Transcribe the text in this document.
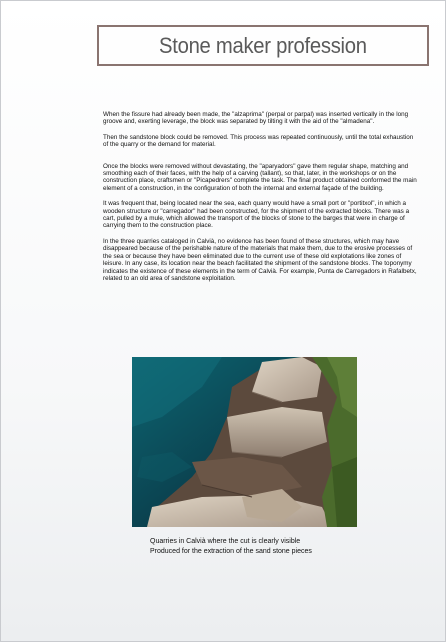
Stone maker profession

When the fissure had already been made, the "alzaprima" (perpal or parpal) was inserted vertically in the long groove and, exerting leverage, the block was separated by tilting it with the aid of the "almadena".

Then the sandstone block could be removed. This process was repeated continuously, until the total exhaustion of the quarry or the demand for material.

Once the blocks were removed without devastating, the "aparyadors" gave them regular shape, matching and smoothing each of their faces, with the help of a carving (tallant), so that, later, in the workshops or on the construction place, craftsmen or "Picapedrers" complete the task. The final product obtained conformed the main element of a construction, in the configuration of both the internal and external façade of the building.

It was frequent that, being located near the sea, each quarry would have a small port or "portitxol", in which a wooden structure or "carregador" had been constructed, for the shipment of the extracted blocks. There was a cart, pulled by a mule, which allowed the transport of the blocks of stone to the barges that were in charge of carrying them to the construction place.

In the three quarries cataloged in Calvià, no evidence has been found of these structures, which may have disappeared because of the perishable nature of the materials that make them, due to the erosive processes of the sea or because they have been eliminated due to the current use of these old explotations like zones of leisure. In any case, its location near the beach facilitated the shipment of the sandstone blocks. The toponymy indicates the existence of these elements in the term of Calvià. For example, Punta de Carregadors in Rafalbetx, related to an old area of sandstone exploitation.

Quarries in Calvià where the cut is clearly visible
Produced for the extraction of the sand stone pieces
